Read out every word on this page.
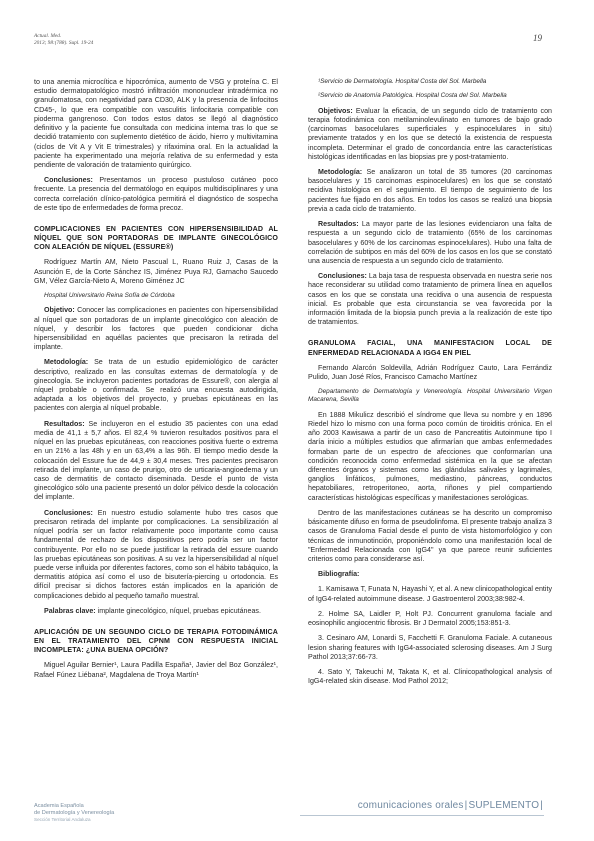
Actual. Med.
2013; 98:(788). Supl. 19-24	19

to una anemia microcítica e hipocrómica, aumento de VSG y proteína C. El estudio dermatopatológico mostró infiltración mononuclear intradérmica no granulomatosa, con negatividad para CD30, ALK y la presencia de linfocitos CD45-, lo que era compatible con vasculitis linfocitaria compatible con pioderma gangrenoso. Con todos estos datos se llegó al diagnóstico definitivo y la paciente fue consultada con medicina interna tras lo que se decidió tratamiento con suplemento dietético de ácido, hierro y multivitamina (ciclos de Vit A y Vit E trimestrales) y rifaximina oral. En la actualidad la paciente ha experimentado una mejoría relativa de su enfermedad y esta pendiente de valoración de tratamiento quirúrgico.

Conclusiones: Presentamos un proceso pustuloso cutáneo poco frecuente. La presencia del dermatólogo en equipos multidisciplinares y una correcta correlación clínico-patológica permitirá el diagnóstico de sospecha de este tipo de enfermedades de forma precoz.

COMPLICACIONES EN PACIENTES CON HIPERSENSIBILIDAD AL NÍQUEL QUE SON PORTADORAS DE IMPLANTE GINECOLÓGICO CON ALEACIÓN DE NÍQUEL (ESSURE®)

Rodríguez Martín AM, Nieto Pascual L, Ruano Ruiz J, Casas de la Asunción E, de la Corte Sánchez IS, Jiménez Puya RJ, Garnacho Saucedo GM, Vélez García-Nieto A, Moreno Giménez JC

Hospital Universitario Reina Sofía de Córdoba

Objetivo: Conocer las complicaciones en pacientes con hipersensibilidad al níquel que son portadoras de un implante ginecológico con aleación de níquel, y describir los factores que pueden condicionar dicha hipersensibilidad en aquéllas pacientes que precisaron la retirada del implante.

Metodología: Se trata de un estudio epidemiológico de carácter descriptivo, realizado en las consultas externas de dermatología y de ginecología. Se incluyeron pacientes portadoras de Essure®, con alergia al níquel probable o confirmada. Se realizó una encuesta autodirigida, adaptada a los objetivos del proyecto, y pruebas epicutáneas en las pacientes con alergia al níquel probable.

Resultados: Se incluyeron en el estudio 35 pacientes con una edad media de 41,1 ± 5,7 años. El 82,4 % tuvieron resultados positivos para el níquel en las pruebas epicutáneas, con reacciones positiva fuerte o extrema en un 21% a las 48h y en un 63,4% a las 96h. El tiempo medio desde la colocación del Essure fue de 44,9 ± 30,4 meses. Tres pacientes precisaron retirada del implante, un caso de prurigo, otro de urticaria-angioedema y un caso de dermatitis de contacto diseminada. Desde el punto de vista ginecológico sólo una paciente presentó un dolor pélvico desde la colocación del implante.

Conclusiones: En nuestro estudio solamente hubo tres casos que precisaron retirada del implante por complicaciones. La sensibilización al níquel podría ser un factor relativamente poco importante como causa fundamental de rechazo de los dispositivos pero podría ser un factor contribuyente. Por ello no se puede justificar la retirada del essure cuando las pruebas epicutáneas son positivas. A su vez la hipersensibilidad al níquel puede verse influida por diferentes factores, como son el hábito tabáquico, la dermatitis atópica así como el uso de bisutería-piercing u ortodoncia. Es difícil precisar si dichos factores están implicados en la aparición de complicaciones debido al pequeño tamaño muestral.

Palabras clave: implante ginecológico, níquel, pruebas epicutáneas.

APLICACIÓN DE UN SEGUNDO CICLO DE TERAPIA FOTODINÁMICA EN EL TRATAMIENTO DEL CPNM CON RESPUESTA INICIAL INCOMPLETA: ¿UNA BUENA OPCIÓN?

Miguel Aguilar Bernier¹, Laura Padilla España¹, Javier del Boz González¹, Rafael Fúnez Liébana², Magdalena de Troya Martín¹

¹Servicio de Dermatología. Hospital Costa del Sol. Marbella

²Servicio de Anatomía Patológica. Hospital Costa del Sol. Marbella

Objetivos: Evaluar la eficacia, de un segundo ciclo de tratamiento con terapia fotodinámica con metilaminolevulinato en tumores de bajo grado (carcinomas basocelulares superficiales y espinocelulares in situ) previamente tratados y en los que se detectó la existencia de respuesta incompleta. Determinar el grado de concordancia entre las características histológicas identificadas en las biopsias pre y post-tratamiento.

Metodología: Se analizaron un total de 35 tumores (20 carcinomas basocelulares y 15 carcinomas espinocelulares) en los que se constató recidiva histológica en el seguimiento. El tiempo de seguimiento de los pacientes fue fijado en dos años. En todos los casos se realizó una biopsia previa a cada ciclo de tratamiento.

Resultados: La mayor parte de las lesiones evidenciaron una falta de respuesta a un segundo ciclo de tratamiento (65% de los carcinomas basocelulares y 60% de los carcinomas espinocelulares). Hubo una falta de correlación de subtipos en más del 60% de los casos en los que se constató una ausencia de respuesta a un segundo ciclo de tratamiento.

Conclusiones: La baja tasa de respuesta observada en nuestra serie nos hace reconsiderar su utilidad como tratamiento de primera línea en aquellos casos en los que se constata una recidiva o una ausencia de respuesta inicial. Es probable que esta circunstancia se vea favorecida por la información limitada de la biopsia punch previa a la realización de este tipo de tratamientos.

GRANULOMA FACIAL, UNA MANIFESTACION LOCAL DE ENFERMEDAD RELACIONADA A IGG4 EN PIEL

Fernando Alarcón Soldevilla, Adrián Rodríguez Cauto, Lara Ferrándiz Pulido, Juan José Ríos, Francisco Camacho Martínez

Departamento de Dermatología y Venereología. Hospital Universitario Virgen Macarena, Sevilla

En 1888 Mikulicz describió el síndrome que lleva su nombre y en 1896 Riedel hizo lo mismo con una forma poco común de tiroiditis crónica. En el año 2003 Kawisawa a partir de un caso de Pancreatitis Autoinmune tipo I daría inicio a múltiples estudios que afirmarían que ambas enfermedades formaban parte de un espectro de afecciones que conformarían una condición reconocida como enfermedad sistémica en la que se afectan diferentes órganos y sistemas como las glándulas salivales y lagrimales, ganglios linfáticos, pulmones, mediastino, páncreas, conductos hepatobiliares, retroperitoneo, aorta, riñones y piel compartiendo características histológicas específicas y manifestaciones serológicas.

Dentro de las manifestaciones cutáneas se ha descrito un compromiso básicamente difuso en forma de pseudolinfoma. El presente trabajo analiza 3 casos de Granuloma Facial desde el punto de vista histomorfológico y con técnicas de inmunotinción, proponiéndolo como una manifestación local de "Enfermedad Relacionada con IgG4" ya que parece reunir suficientes criterios como para considerarse así.

Bibliografía:

1. Kamisawa T, Funata N, Hayashi Y, et al. A new clinicopathological entity of IgG4-related autoimmune disease. J Gastroenterol 2003;38:982-4.
2. Holme SA, Laidler P, Holt PJ. Concurrent granuloma faciale and eosinophilic angiocentric fibrosis. Br J Dermatol 2005;153:851-3.
3. Cesinaro AM, Lonardi S, Facchetti F. Granuloma Faciale. A cutaneous lesion sharing features with IgG4-associated sclerosing diseases. Am J Surg Pathol 2013;37:66-73.
4. Sato Y, Takeuchi M, Takata K, et al. Clinicopathological analysis of IgG4-related skin disease. Mod Pathol 2012;
Academia Española
de Dermatología y Venereología
Sección Territorial Andaluza
comunicaciones orales|SUPLEMENTO|
